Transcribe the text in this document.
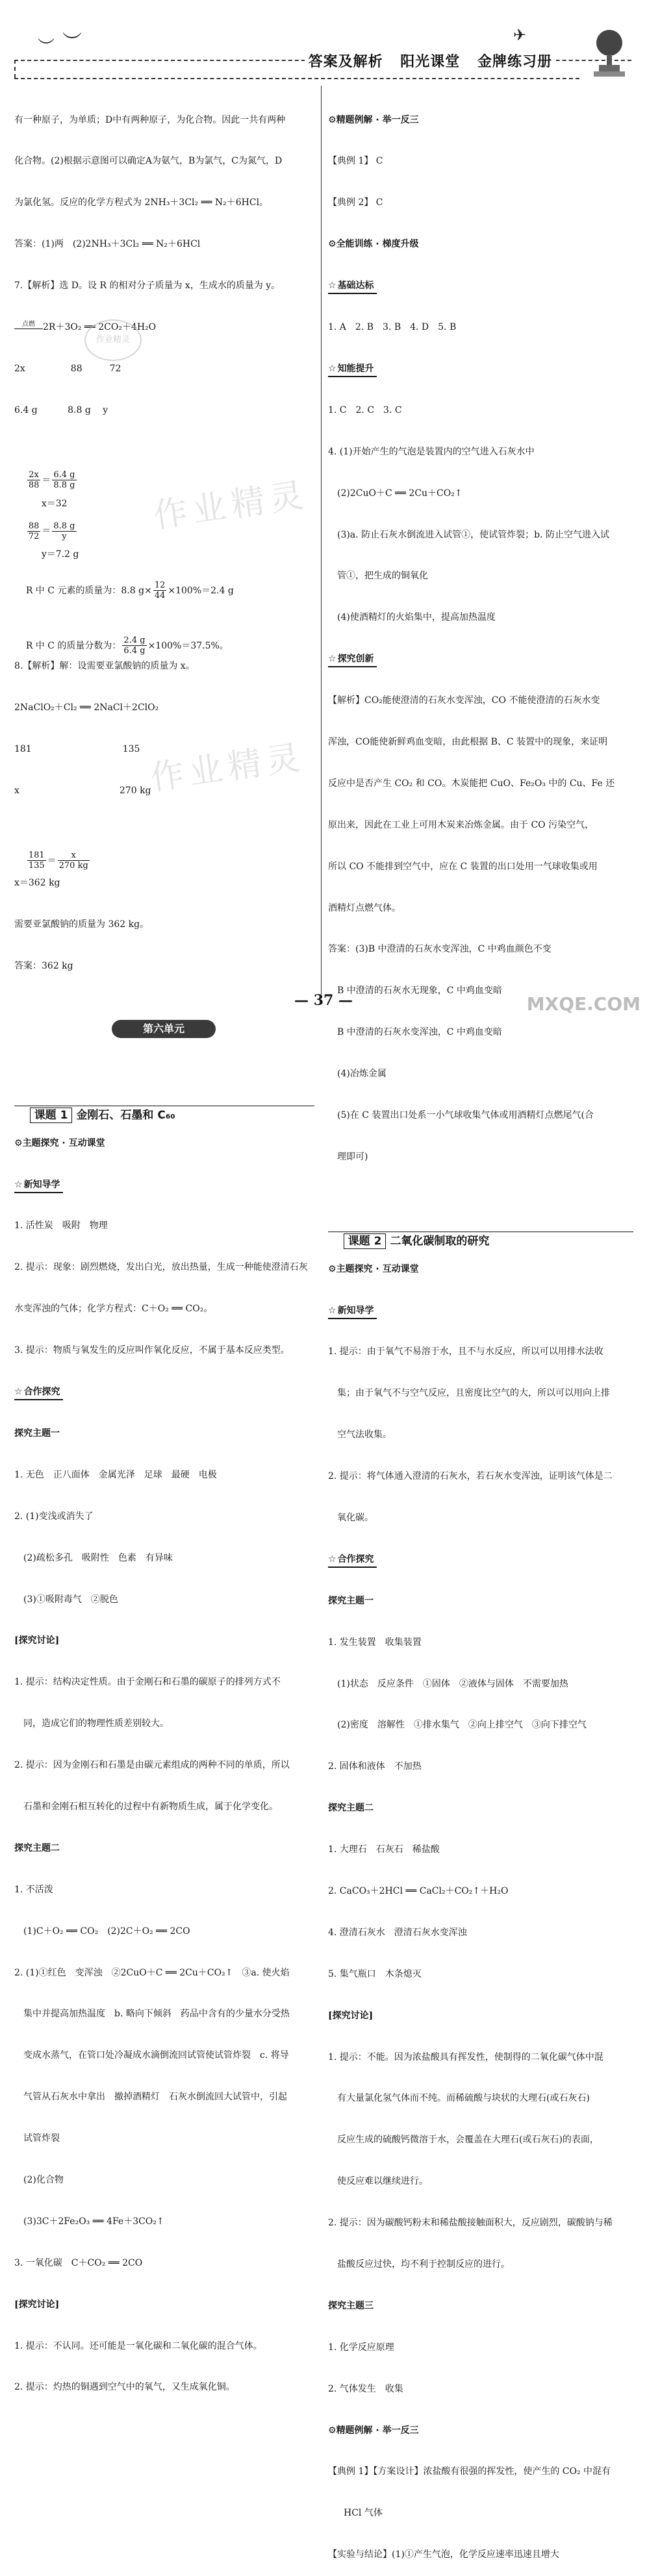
︶ ︶	✈
答案及解析 阳光课堂 金牌练习册

有一种原子，为单质；D中有两种原子，为化合物。因此一共有两种

化合物。(2)根据示意图可以确定A为氨气，B为氯气，C为氮气，D

为氯化氢。反应的化学方程式为 2NH₃＋3Cl₂ ══ N₂＋6HCl。

答案：(1)两　(2)2NH₃＋3Cl₂ ══ N₂＋6HCl

7.【解析】选 D。设 R 的相对分子质量为 x，生成水的质量为 y。

点燃 2R＋3O₂ ══ 2CO₂＋4H₂O

2x　　　　　88　　　72

6.4 g　　　 8.8 g　 y

$\frac{2x}{88} = \frac{6.4 g}{8.8 g}$

x＝32

$\frac{88}{72} = \frac{8.8 g}{y}$

y＝7.2 g

R 中 C 元素的质量为：8.8 $g\times \frac{12}{44} \times 100\%=2.4$ g

R 中 C 的质量分数为： $\frac{2.4 g}{6.4 g} \times 100\%=37.5\%$。

8.【解析】解：设需要亚氯酸钠的质量为 x。

2NaClO₂＋Cl₂ ══ 2NaCl＋2ClO₂

181　　　　　　　　　　135

x　　　　　　　　　　　270 kg

$\frac{181}{135} = \frac{x}{270 kg}$

x＝362 kg

需要亚氯酸钠的质量为 362 kg。

答案：362 kg

第六单元

课题 1 金刚石、石墨和 C₆₀

⚙ 主题探究 · 互动课堂

☆ 新知导学

1. 活性炭　吸附　物理

2. 提示：现象：剧烈燃烧，发出白光，放出热量，生成一种能使澄清石灰

水变浑浊的气体；化学方程式：C＋O₂ ══ CO₂。

3. 提示：物质与氧发生的反应叫作氧化反应，不属于基本反应类型。

☆ 合作探究

探究主题一

1. 无色　正八面体　金属光泽　足球　最硬　电极

2. (1)变浅或消失了

(2)疏松多孔　吸附性　色素　有异味

(3)①吸附毒气　②脱色

[探究讨论]

1. 提示：结构决定性质。由于金刚石和石墨的碳原子的排列方式不

同，造成它们的物理性质差别较大。

2. 提示：因为金刚石和石墨是由碳元素组成的两种不同的单质，所以

石墨和金刚石相互转化的过程中有新物质生成，属于化学变化。

探究主题二

1. 不活泼

(1)C＋O₂ ══ CO₂　(2)2C＋O₂ ══ 2CO

2. (1)①红色　变浑浊　②2CuO＋C ══ 2Cu＋CO₂↑　③a. 使火焰

集中并提高加热温度　b. 略向下倾斜　药品中含有的少量水分受热

变成水蒸气，在管口处冷凝成水滴倒流回试管使试管炸裂　c. 将导

气管从石灰水中拿出　撤掉酒精灯　石灰水倒流回大试管中，引起

试管炸裂

(2)化合物

(3)3C＋2Fe₂O₃ ══ 4Fe＋3CO₂↑

3. 一氧化碳　C＋CO₂ ══ 2CO

[探究讨论]

1. 提示：不认同。还可能是一氧化碳和二氧化碳的混合气体。

2. 提示：灼热的铜遇到空气中的氧气，又生成氧化铜。

⚙ 精题例解 · 举一反三

【典例 1】 C

【典例 2】 C

⚙ 全能训练 · 梯度升级

☆ 基础达标

1. A　2. B　3. B　4. D　5. B

☆ 知能提升

1. C　2. C　3. C

4. (1)开始产生的气泡是装置内的空气进入石灰水中

(2)2CuO＋C ══ 2Cu＋CO₂↑

(3)a. 防止石灰水倒流进入试管①，使试管炸裂；b. 防止空气进入试

管①，把生成的铜氧化

(4)使酒精灯的火焰集中，提高加热温度

☆ 探究创新

【解析】CO₂能使澄清的石灰水变浑浊，CO 不能使澄清的石灰水变

浑浊，CO能使新鲜鸡血变暗，由此根据 B、C 装置中的现象，来证明

反应中是否产生 CO₂ 和 CO。木炭能把 CuO、Fe₂O₃ 中的 Cu、Fe 还

原出来，因此在工业上可用木炭来冶炼金属。由于 CO 污染空气，

所以 CO 不能排到空气中，应在 C 装置的出口处用一气球收集或用

酒精灯点燃气体。

答案：(3)B 中澄清的石灰水变浑浊，C 中鸡血颜色不变

B 中澄清的石灰水无现象，C 中鸡血变暗

B 中澄清的石灰水变浑浊，C 中鸡血变暗

(4)冶炼金属

(5)在 C 装置出口处系一小气球收集气体或用酒精灯点燃尾气(合

理即可)

课题 2 二氧化碳制取的研究

⚙ 主题探究 · 互动课堂

☆ 新知导学

1. 提示：由于氧气不易溶于水，且不与水反应，所以可以用排水法收

集；由于氧气不与空气反应，且密度比空气的大，所以可以用向上排

空气法收集。

2. 提示：将气体通入澄清的石灰水，若石灰水变浑浊，证明该气体是二

氧化碳。

☆ 合作探究

探究主题一

1. 发生装置　收集装置

(1)状态　反应条件　①固体　②液体与固体　不需要加热

(2)密度　溶解性　①排水集气　②向上排空气　③向下排空气

2. 固体和液体　不加热

探究主题二

1. 大理石　石灰石　稀盐酸

2. CaCO₃＋2HCl ══ CaCl₂＋CO₂↑＋H₂O

4. 澄清石灰水　澄清石灰水变浑浊

5. 集气瓶口　木条熄灭

[探究讨论]

1. 提示：不能。因为浓盐酸具有挥发性，使制得的二氧化碳气体中混

有大量氯化氢气体而不纯。而稀硫酸与块状的大理石(或石灰石)

反应生成的硫酸钙微溶于水，会覆盖在大理石(或石灰石)的表面，

使反应难以继续进行。

2. 提示：因为碳酸钙粉末和稀盐酸接触面积大，反应剧烈，碳酸钠与稀

盐酸反应过快，均不利于控制反应的进行。

探究主题三

1. 化学反应原理

2. 气体发生　收集

⚙ 精题例解 · 举一反三

【典例 1】【方案设计】浓盐酸有很强的挥发性，使产生的 CO₂ 中混有

HCl 气体

【实验与结论】(1)①产生气泡，化学反应速率迅速且增大

作业精灵
作业精灵
作业精灵
MXQE.COM
— 37 —
